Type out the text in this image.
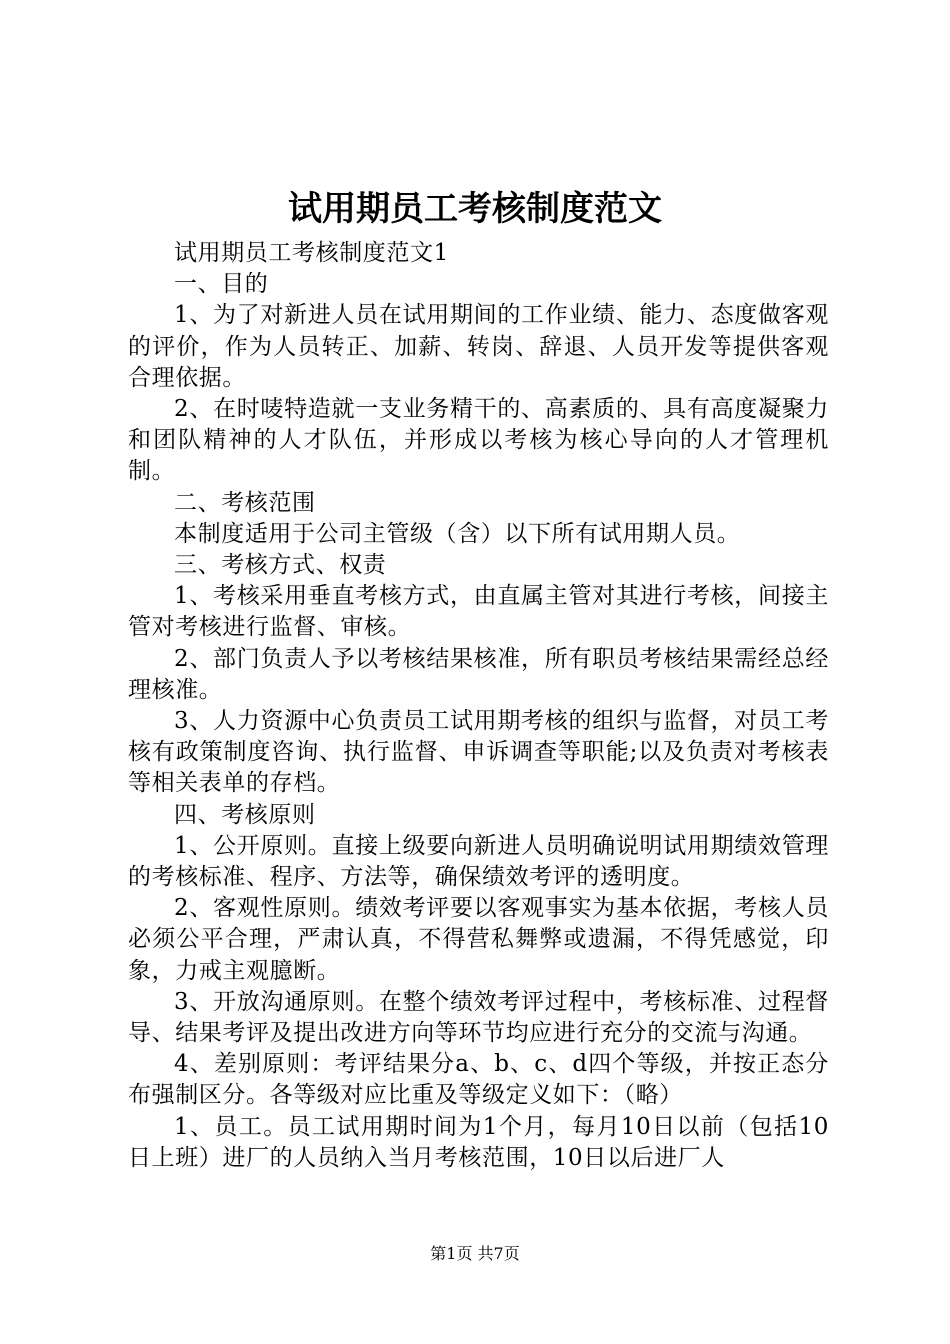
试用期员工考核制度范文

试用期员工考核制度范文1

一、目的

1、为了对新进人员在试用期间的工作业绩、能力、态度做客观的评价，作为人员转正、加薪、转岗、辞退、人员开发等提供客观合理依据。

2、在时唛特造就一支业务精干的、高素质的、具有高度凝聚力和团队精神的人才队伍，并形成以考核为核心导向的人才管理机制。

二、考核范围

本制度适用于公司主管级（含）以下所有试用期人员。

三、考核方式、权责

1、考核采用垂直考核方式，由直属主管对其进行考核，间接主管对考核进行监督、审核。

2、部门负责人予以考核结果核准，所有职员考核结果需经总经理核准。

3、人力资源中心负责员工试用期考核的组织与监督，对员工考核有政策制度咨询、执行监督、申诉调查等职能;以及负责对考核表等相关表单的存档。

四、考核原则

1、公开原则。直接上级要向新进人员明确说明试用期绩效管理的考核标准、程序、方法等，确保绩效考评的透明度。

2、客观性原则。绩效考评要以客观事实为基本依据，考核人员必须公平合理，严肃认真，不得营私舞弊或遗漏，不得凭感觉，印象，力戒主观臆断。

3、开放沟通原则。在整个绩效考评过程中，考核标准、过程督导、结果考评及提出改进方向等环节均应进行充分的交流与沟通。

4、差别原则：考评结果分a、b、c、d四个等级，并按正态分布强制区分。各等级对应比重及等级定义如下：（略）

1、员工。员工试用期时间为1个月，每月10日以前（包括10日上班）进厂的人员纳入当月考核范围，10日以后进厂人

第1页 共7页
